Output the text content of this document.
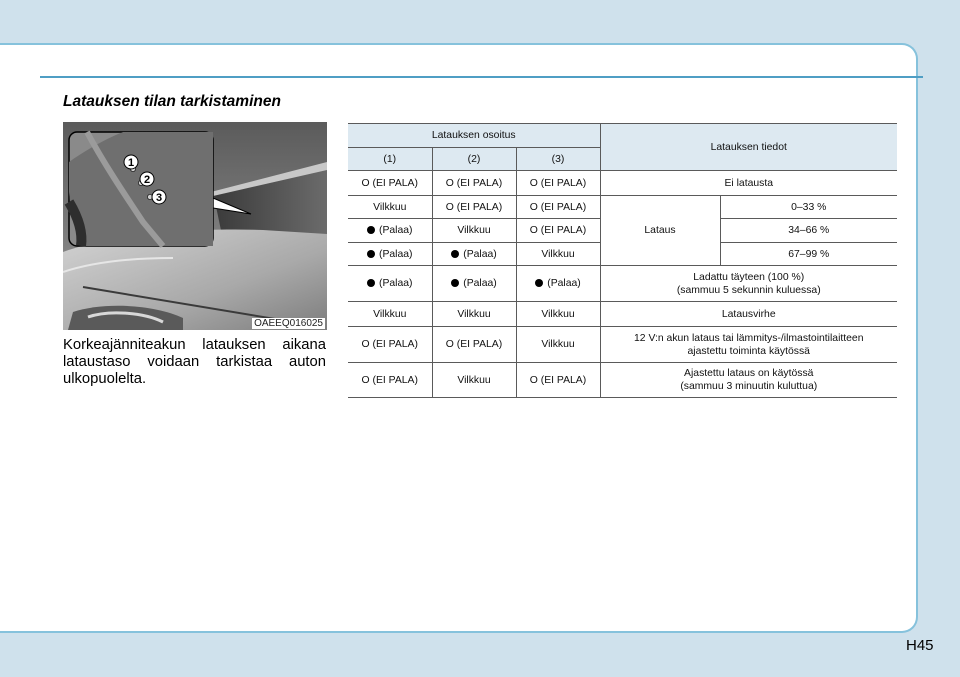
Latauksen tilan tarkistaminen
1
2
3
OAEEQ016025

Korkeajänniteakun latauksen aikana lataustaso voidaan tarkistaa auton ulkopuolelta.

Latauksen osoitus			Latauksen tiedot	
(1)	(2)	(3)		
O (EI PALA)	O (EI PALA)	O (EI PALA)	Ei latausta	
Vilkkuu	O (EI PALA)	O (EI PALA)	Lataus	0–33 %
(Palaa)	Vilkkuu	O (EI PALA)		34–66 %
(Palaa)	(Palaa)	Vilkkuu		67–99 %
(Palaa)	(Palaa)	(Palaa)	Ladattu täyteen (100 %)
(sammuu 5 sekunnin kuluessa)	
Vilkkuu	Vilkkuu	Vilkkuu	Latausvirhe	
O (EI PALA)	O (EI PALA)	Vilkkuu	12 V:n akun lataus tai lämmitys-/ilmastointilaitteen
ajastettu toiminta käytössä	
O (EI PALA)	Vilkkuu	O (EI PALA)	Ajastettu lataus on käytössä
(sammuu 3 minuutin kuluttua)	
H45
